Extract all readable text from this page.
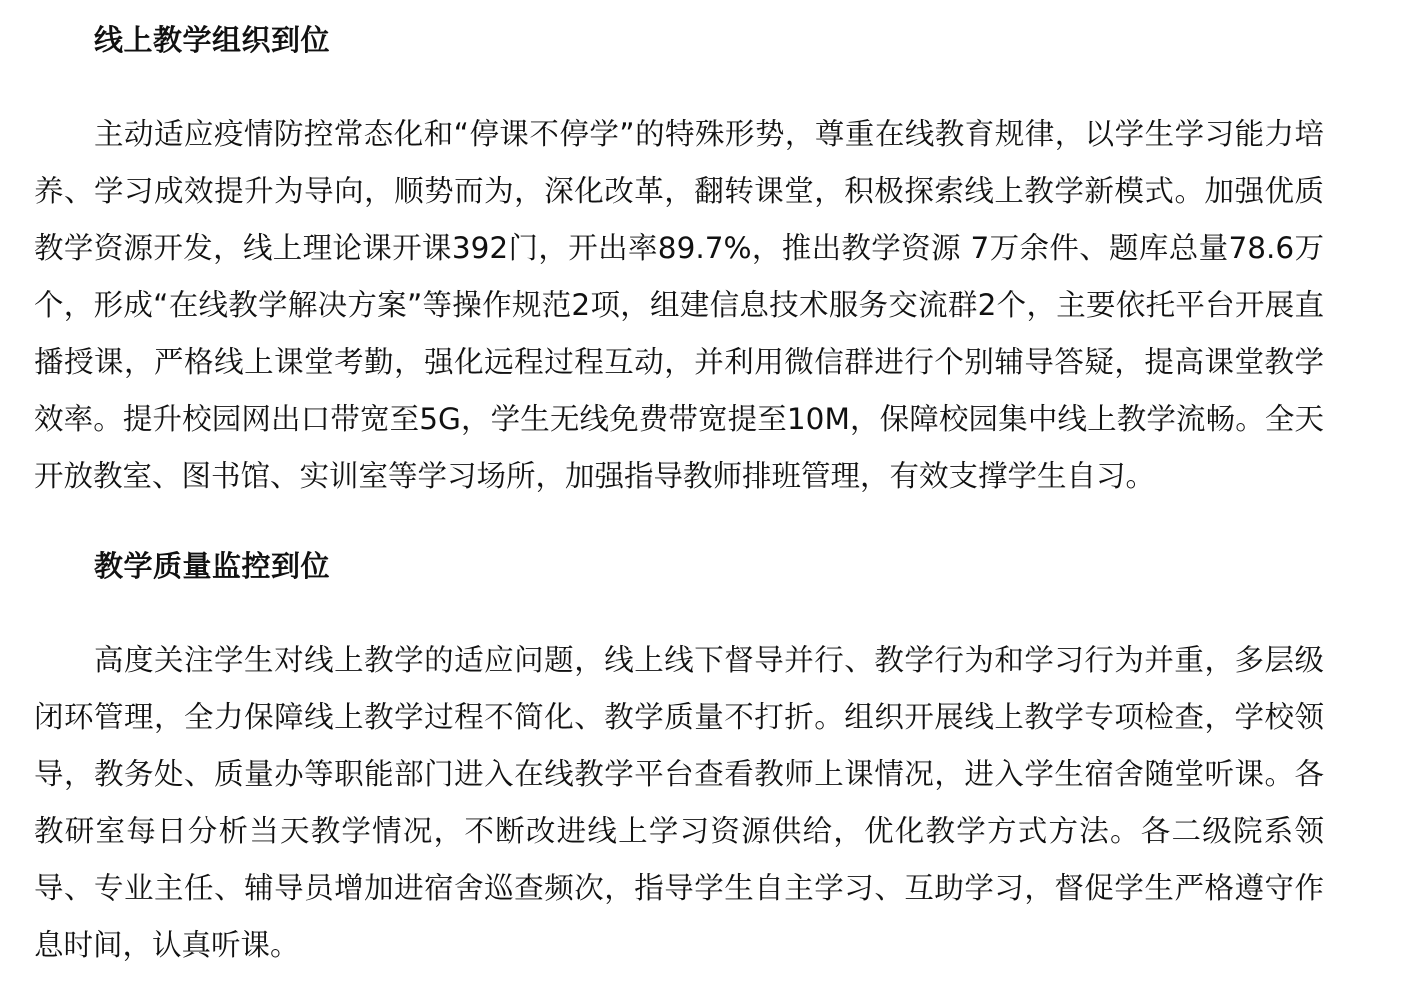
线上教学组织到位

主动适应疫情防控常态化和“停课不停学”的特殊形势，尊重在线教育规律，以学生学习能力培养、学习成效提升为导向，顺势而为，深化改革，翻转课堂，积极探索线上教学新模式。加强优质教学资源开发，线上理论课开课392门，开出率89.7%，推出教学资源 7万余件、题库总量78.6万个，形成“在线教学解决方案”等操作规范2项，组建信息技术服务交流群2个，主要依托平台开展直播授课，严格线上课堂考勤，强化远程过程互动，并利用微信群进行个别辅导答疑，提高课堂教学效率。提升校园网出口带宽至5G，学生无线免费带宽提至10M，保障校园集中线上教学流畅。全天开放教室、图书馆、实训室等学习场所，加强指导教师排班管理，有效支撑学生自习。

教学质量监控到位

高度关注学生对线上教学的适应问题，线上线下督导并行、教学行为和学习行为并重，多层级闭环管理，全力保障线上教学过程不简化、教学质量不打折。组织开展线上教学专项检查，学校领导，教务处、质量办等职能部门进入在线教学平台查看教师上课情况，进入学生宿舍随堂听课。各教研室每日分析当天教学情况，不断改进线上学习资源供给，优化教学方式方法。各二级院系领导、专业主任、辅导员增加进宿舍巡查频次，指导学生自主学习、互助学习，督促学生严格遵守作息时间，认真听课。
